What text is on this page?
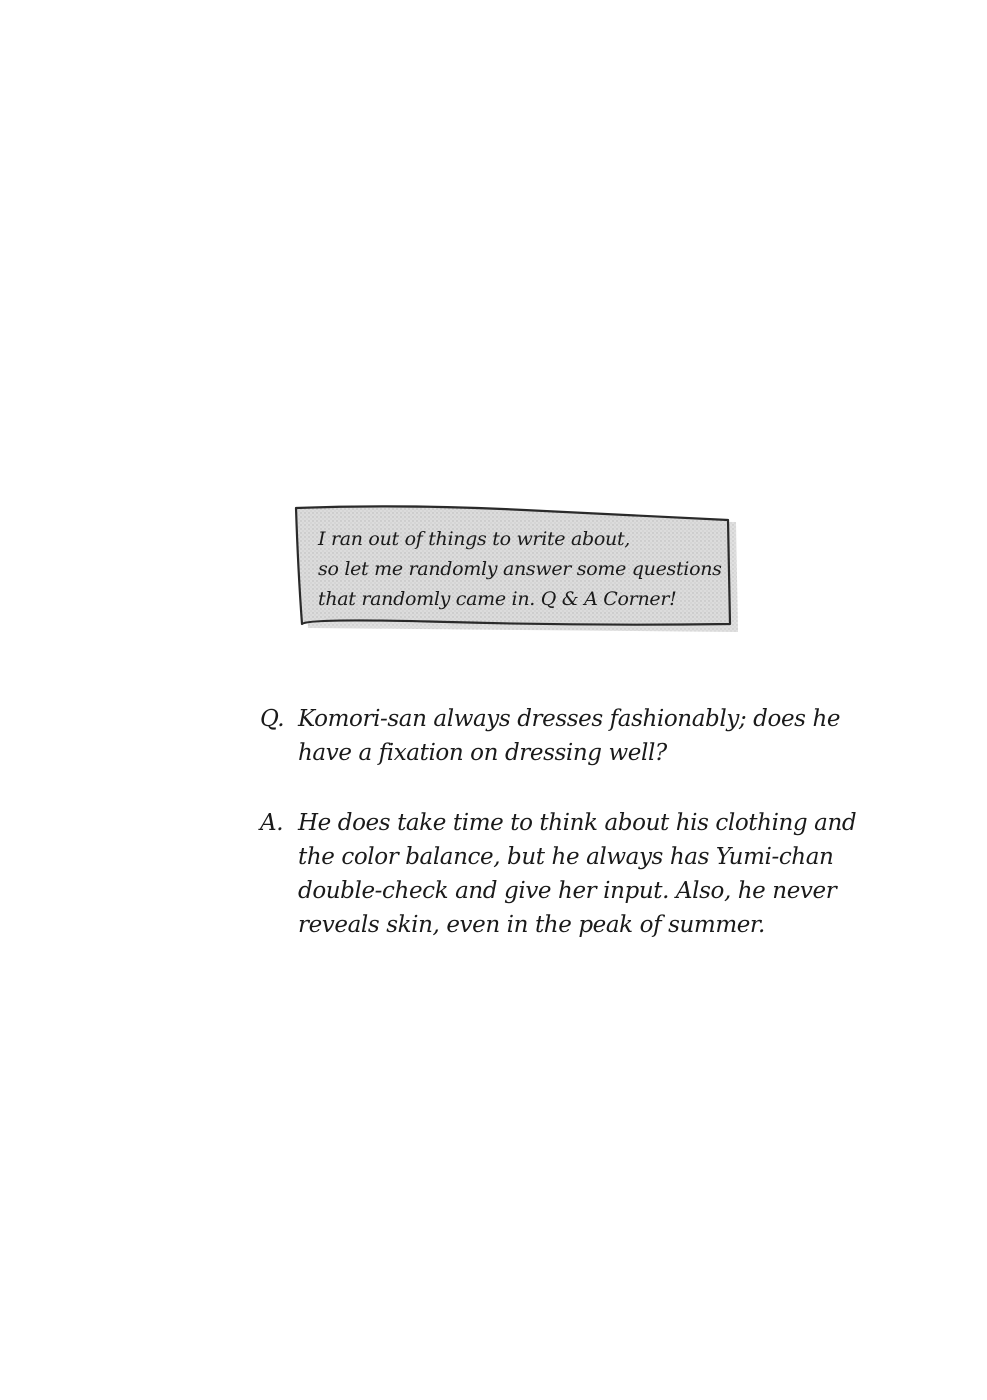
I ran out of things to write about,
so let me randomly answer some questions
that randomly came in. Q & A Corner!
Q. Komori-san always dresses fashionably; does he
have a fixation on dressing well?
A. He does take time to think about his clothing and
the color balance, but he always has Yumi-chan
double-check and give her input. Also, he never
reveals skin, even in the peak of summer.
